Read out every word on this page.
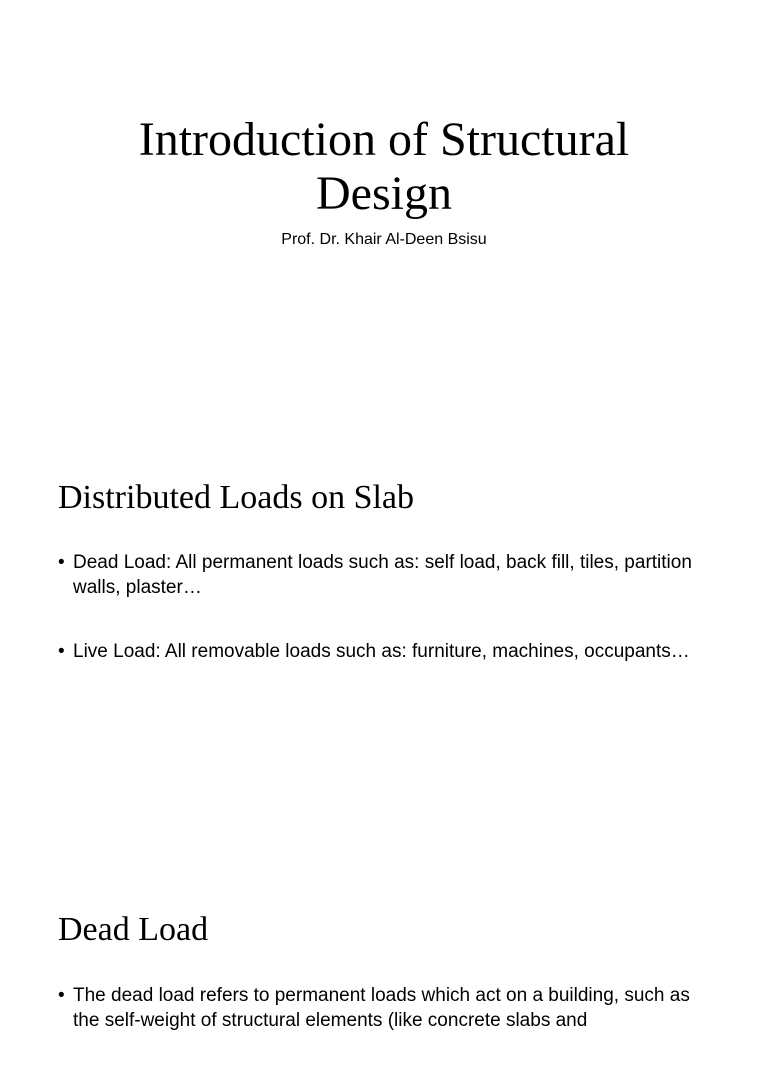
Introduction of Structural Design

Prof. Dr. Khair Al-Deen Bsisu

Distributed Loads on Slab
• Dead Load: All permanent loads such as: self load, back fill, tiles, partition walls, plaster…
• Live Load: All removable loads such as: furniture, machines, occupants…
Dead Load
• The dead load refers to permanent loads which act on a building, such as the self-weight of structural elements (like concrete slabs and
